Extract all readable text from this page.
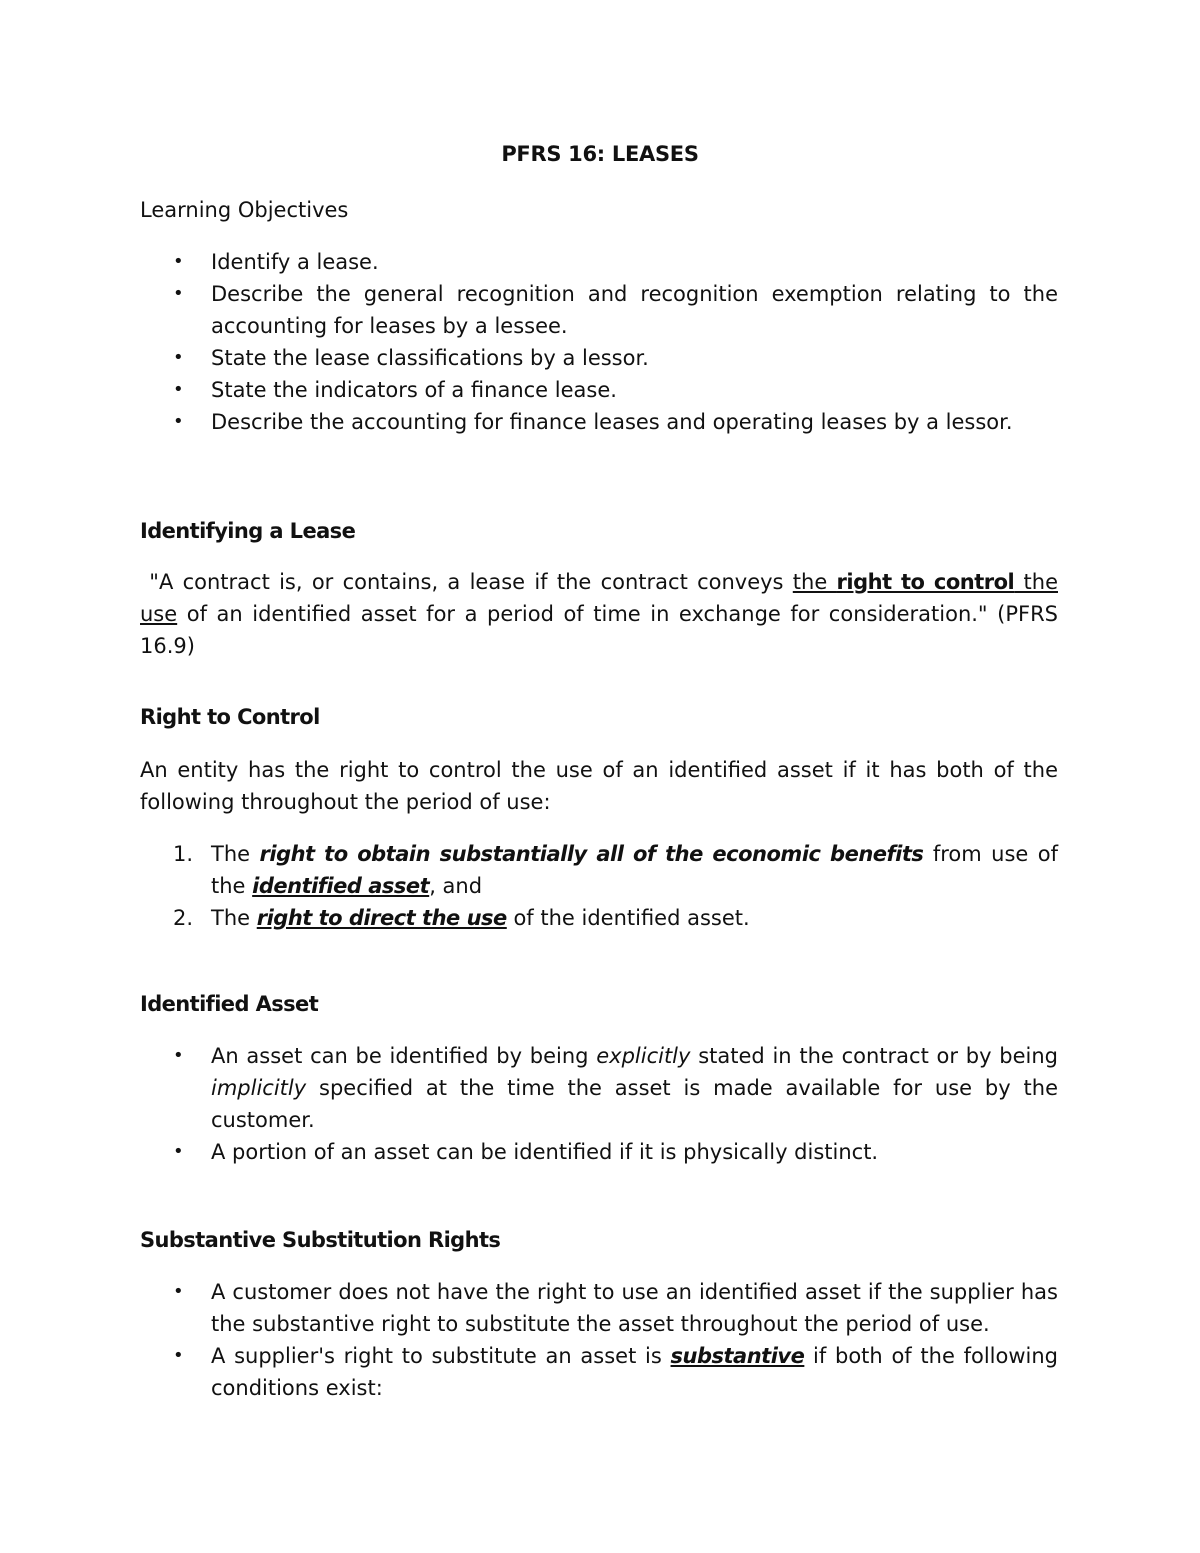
PFRS 16: LEASES
Learning Objectives
• Identify a lease.
• Describe the general recognition and recognition exemption relating to the accounting for leases by a lessee.
• State the lease classifications by a lessor.
• State the indicators of a finance lease.
• Describe the accounting for finance leases and operating leases by a lessor.
Identifying a Lease
"A contract is, or contains, a lease if the contract conveys the right to control the use of an identified asset for a period of time in exchange for consideration." (PFRS 16.9)
Right to Control
An entity has the right to control the use of an identified asset if it has both of the following throughout the period of use:
1. The right to obtain substantially all of the economic benefits from use of the identified asset, and
2. The right to direct the use of the identified asset.
Identified Asset
• An asset can be identified by being explicitly stated in the contract or by being implicitly specified at the time the asset is made available for use by the customer.
• A portion of an asset can be identified if it is physically distinct.
Substantive Substitution Rights
• A customer does not have the right to use an identified asset if the supplier has the substantive right to substitute the asset throughout the period of use.
• A supplier's right to substitute an asset is substantive if both of the following conditions exist:
